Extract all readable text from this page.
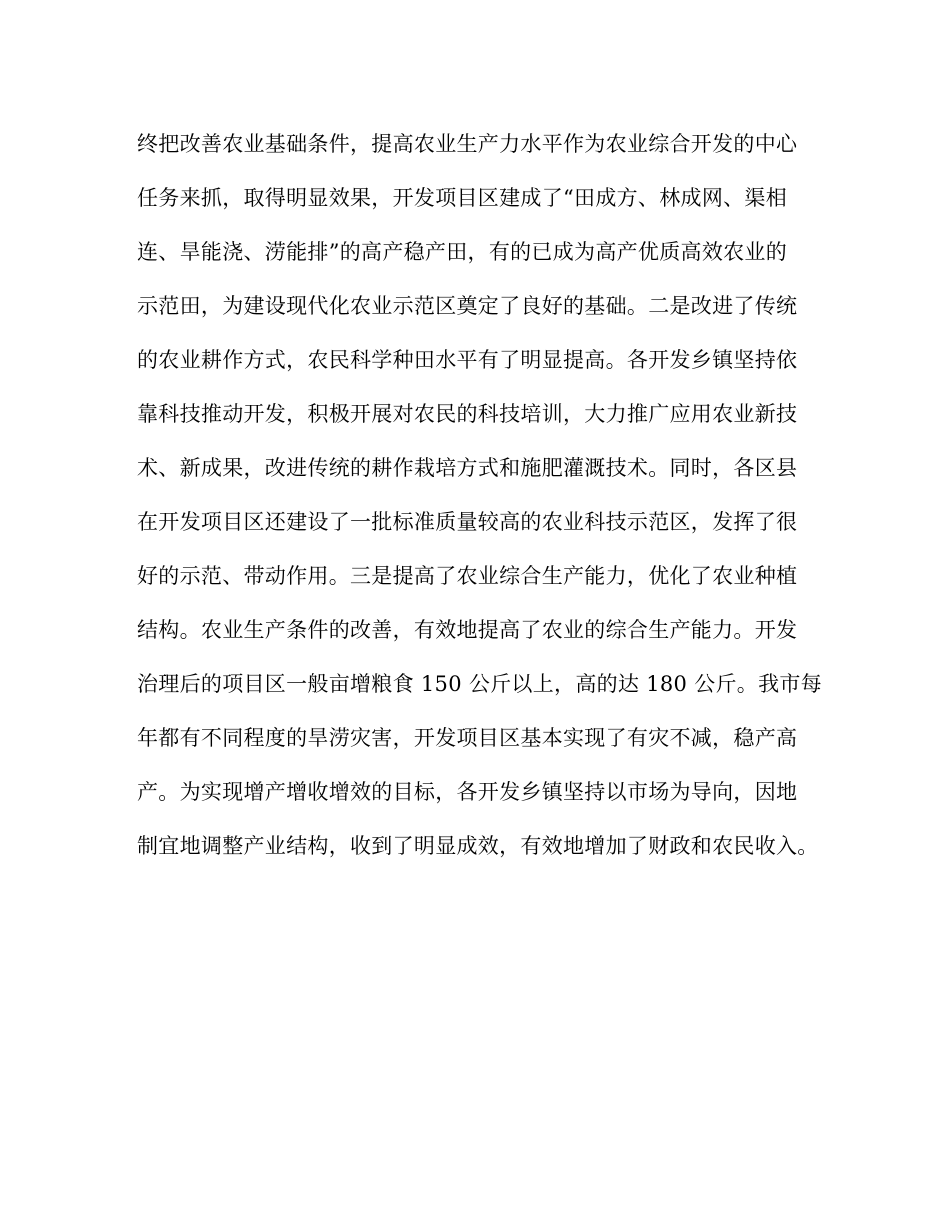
终把改善农业基础条件，提高农业生产力水平作为农业综合开发的中心
任务来抓，取得明显效果，开发项目区建成了“田成方、林成网、渠相
连、旱能浇、涝能排”的高产稳产田，有的已成为高产优质高效农业的
示范田，为建设现代化农业示范区奠定了良好的基础。二是改进了传统
的农业耕作方式，农民科学种田水平有了明显提高。各开发乡镇坚持依
靠科技推动开发，积极开展对农民的科技培训，大力推广应用农业新技
术、新成果，改进传统的耕作栽培方式和施肥灌溉技术。同时，各区县
在开发项目区还建设了一批标准质量较高的农业科技示范区，发挥了很
好的示范、带动作用。三是提高了农业综合生产能力，优化了农业种植
结构。农业生产条件的改善，有效地提高了农业的综合生产能力。开发
治理后的项目区一般亩增粮食 150 公斤以上，高的达 180 公斤。我市每
年都有不同程度的旱涝灾害，开发项目区基本实现了有灾不减，稳产高
产。为实现增产增收增效的目标，各开发乡镇坚持以市场为导向，因地
制宜地调整产业结构，收到了明显成效，有效地增加了财政和农民收入。
